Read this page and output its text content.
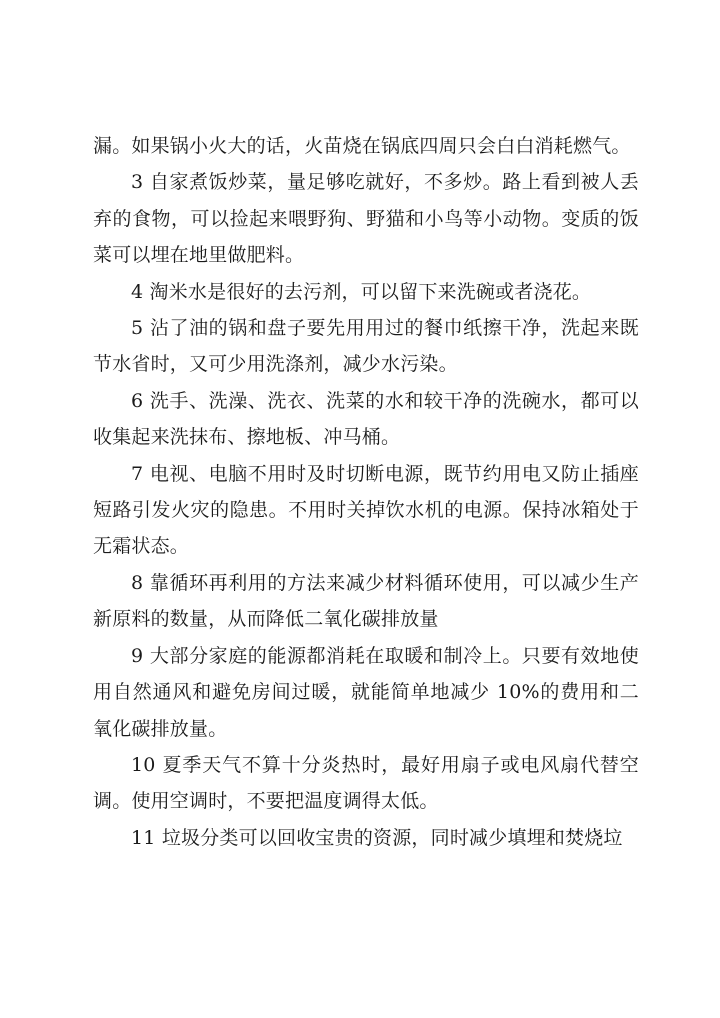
漏。如果锅小火大的话，火苗烧在锅底四周只会白白消耗燃气。

3 自家煮饭炒菜，量足够吃就好，不多炒。路上看到被人丢弃的食物，可以捡起来喂野狗、野猫和小鸟等小动物。变质的饭菜可以埋在地里做肥料。

4 淘米水是很好的去污剂，可以留下来洗碗或者浇花。

5 沾了油的锅和盘子要先用用过的餐巾纸擦干净，洗起来既节水省时，又可少用洗涤剂，减少水污染。

6 洗手、洗澡、洗衣、洗菜的水和较干净的洗碗水，都可以收集起来洗抹布、擦地板、冲马桶。

7 电视、电脑不用时及时切断电源，既节约用电又防止插座短路引发火灾的隐患。不用时关掉饮水机的电源。保持冰箱处于无霜状态。

8 靠循环再利用的方法来减少材料循环使用，可以减少生产新原料的数量，从而降低二氧化碳排放量

9 大部分家庭的能源都消耗在取暖和制冷上。只要有效地使用自然通风和避免房间过暖，就能简单地减少 10%的费用和二氧化碳排放量。

10 夏季天气不算十分炎热时，最好用扇子或电风扇代替空调。使用空调时，不要把温度调得太低。

11 垃圾分类可以回收宝贵的资源，同时减少填埋和焚烧垃
